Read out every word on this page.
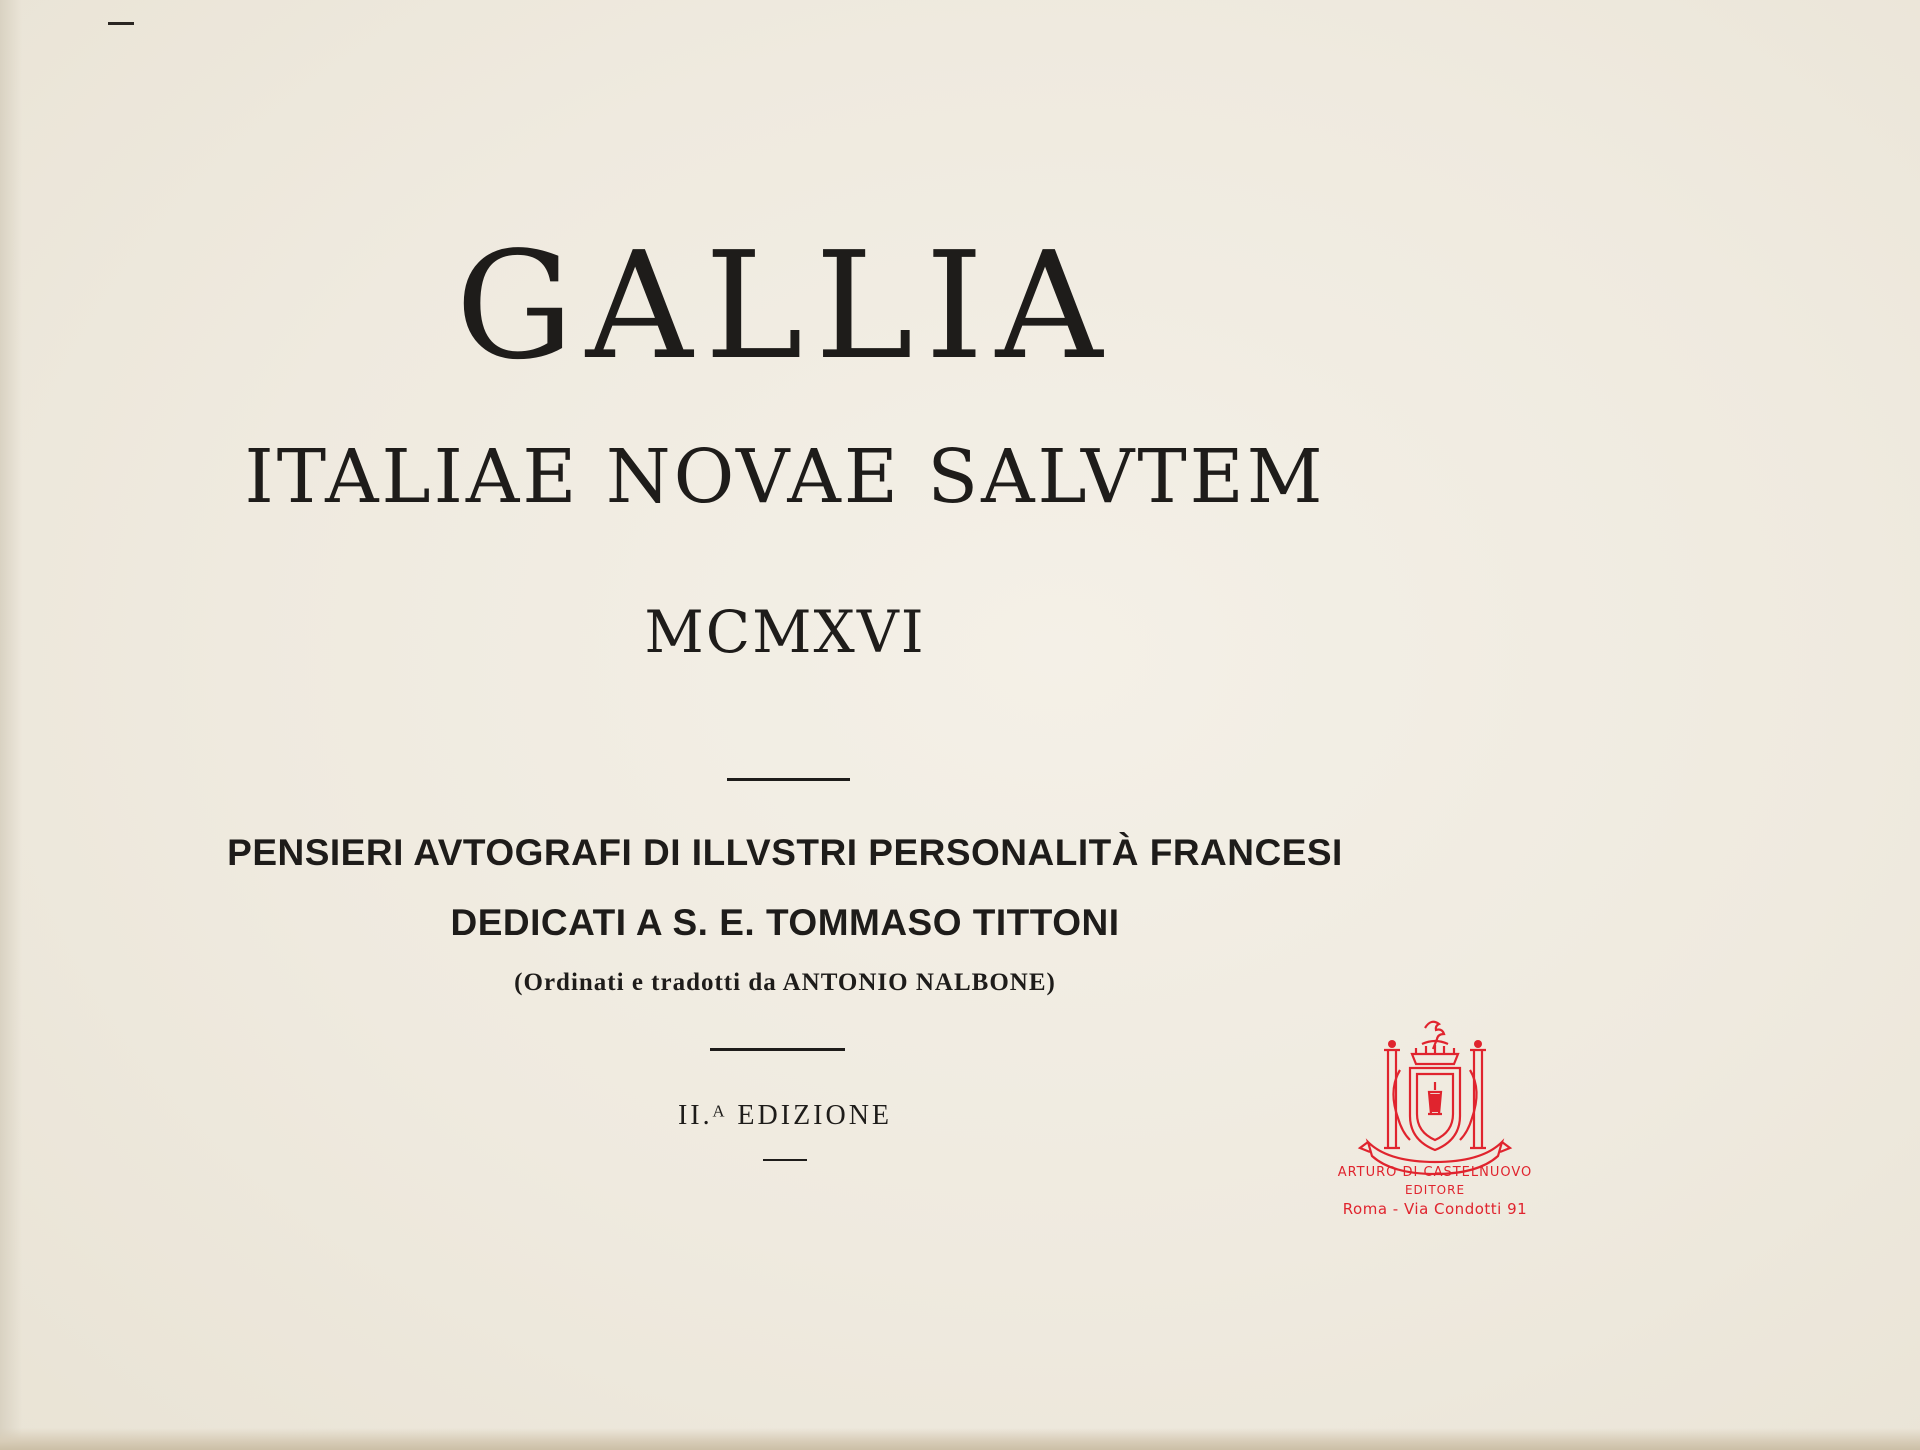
GALLIA
ITALIAE NOVAE SALVTEM
MCMXVI
PENSIERI AVTOGRAFI DI ILLVSTRI PERSONALITÀ FRANCESI
DEDICATI A S. E. TOMMASO TITTONI
(Ordinati e tradotti da ANTONIO NALBONE)
II.ᴬ EDIZIONE
ARTURO DI CASTELNUOVO
EDITORE
Roma - Via Condotti 91
